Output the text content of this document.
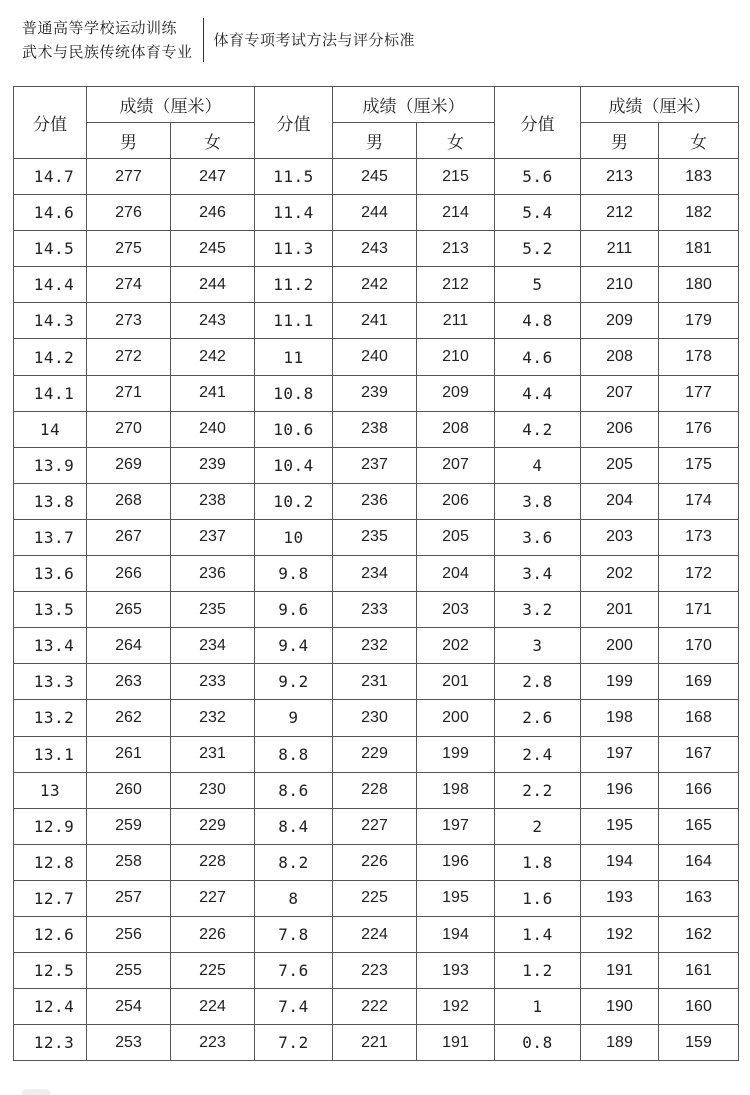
普通高等学校运动训练
武术与民族传统体育专业
体育专项考试方法与评分标准
分值	成绩（厘米）		分值	成绩（厘米）		分值	成绩（厘米）	
	男	女		男	女		男	女
14.7	277	247	11.5	245	215	5.6	213	183
14.6	276	246	11.4	244	214	5.4	212	182
14.5	275	245	11.3	243	213	5.2	211	181
14.4	274	244	11.2	242	212	5	210	180
14.3	273	243	11.1	241	211	4.8	209	179
14.2	272	242	11	240	210	4.6	208	178
14.1	271	241	10.8	239	209	4.4	207	177
14	270	240	10.6	238	208	4.2	206	176
13.9	269	239	10.4	237	207	4	205	175
13.8	268	238	10.2	236	206	3.8	204	174
13.7	267	237	10	235	205	3.6	203	173
13.6	266	236	9.8	234	204	3.4	202	172
13.5	265	235	9.6	233	203	3.2	201	171
13.4	264	234	9.4	232	202	3	200	170
13.3	263	233	9.2	231	201	2.8	199	169
13.2	262	232	9	230	200	2.6	198	168
13.1	261	231	8.8	229	199	2.4	197	167
13	260	230	8.6	228	198	2.2	196	166
12.9	259	229	8.4	227	197	2	195	165
12.8	258	228	8.2	226	196	1.8	194	164
12.7	257	227	8	225	195	1.6	193	163
12.6	256	226	7.8	224	194	1.4	192	162
12.5	255	225	7.6	223	193	1.2	191	161
12.4	254	224	7.4	222	192	1	190	160
12.3	253	223	7.2	221	191	0.8	189	159
